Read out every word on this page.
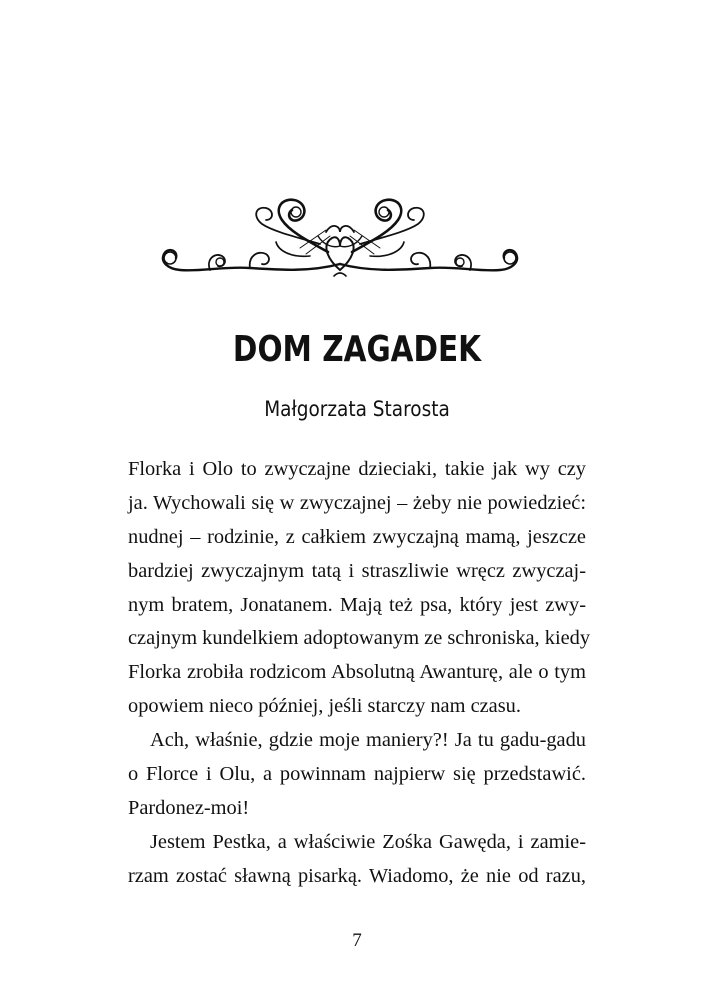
DOM ZAGADEK
Małgorzata Starosta
Florka i Olo to zwyczajne dzieciaki, takie jak wy czy
ja. Wychowali się w zwyczajnej – żeby nie powiedzieć:
nudnej – rodzinie, z całkiem zwyczajną mamą, jeszcze
bardziej zwyczajnym tatą i straszliwie wręcz zwyczaj-
nym bratem, Jonatanem. Mają też psa, który jest zwy-
czajnym kundelkiem adoptowanym ze schroniska, kiedy
Florka zrobiła rodzicom Absolutną Awanturę, ale o tym
opowiem nieco później, jeśli starczy nam czasu.
Ach, właśnie, gdzie moje maniery?! Ja tu gadu-gadu
o Florce i Olu, a powinnam najpierw się przedstawić.
Pardonez-moi!
Jestem Pestka, a właściwie Zośka Gawęda, i zamie-
rzam zostać sławną pisarką. Wiadomo, że nie od razu,
7
